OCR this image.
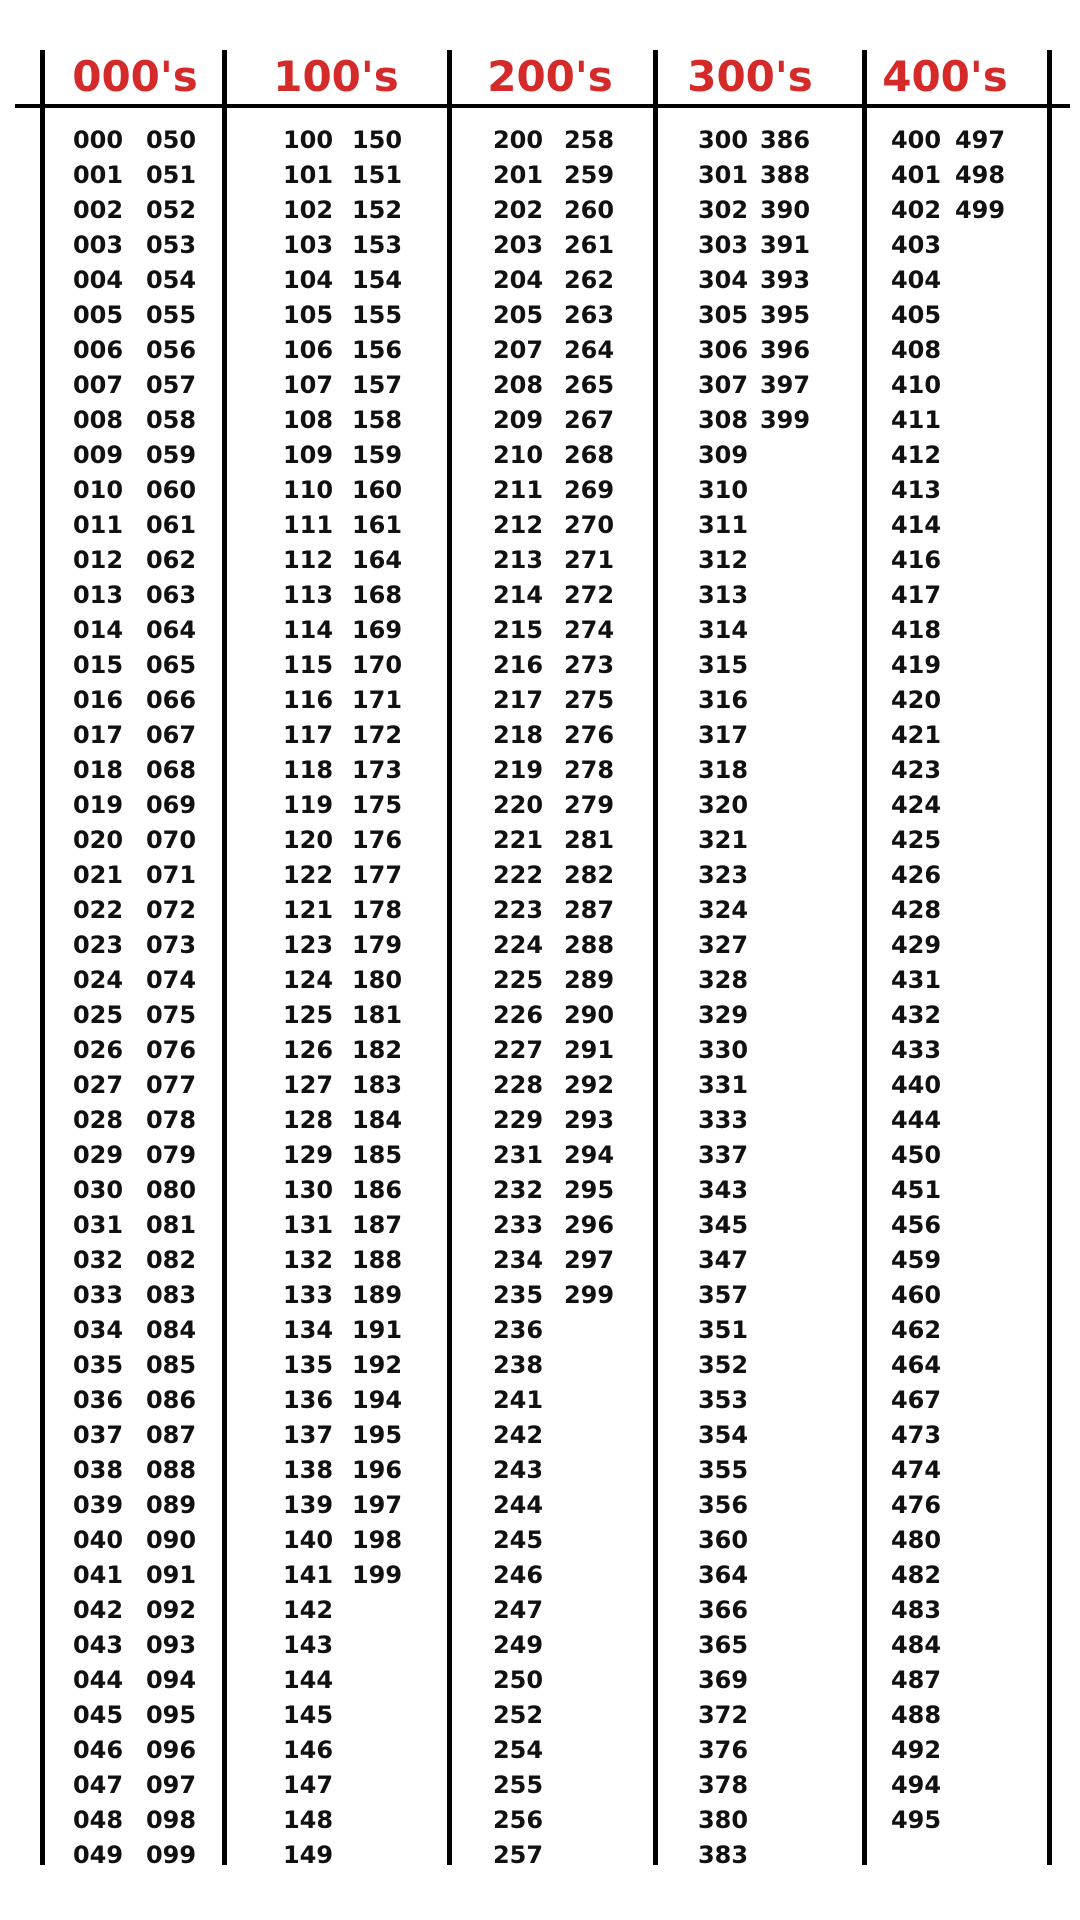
000's 100's 200's 300's 400's
000
001
002
003
004
005
006
007
008
009
010
011
012
013
014
015
016
017
018
019
020
021
022
023
024
025
026
027
028
029
030
031
032
033
034
035
036
037
038
039
040
041
042
043
044
045
046
047
048
049
050
051
052
053
054
055
056
057
058
059
060
061
062
063
064
065
066
067
068
069
070
071
072
073
074
075
076
077
078
079
080
081
082
083
084
085
086
087
088
089
090
091
092
093
094
095
096
097
098
099
100
101
102
103
104
105
106
107
108
109
110
111
112
113
114
115
116
117
118
119
120
122
121
123
124
125
126
127
128
129
130
131
132
133
134
135
136
137
138
139
140
141
142
143
144
145
146
147
148
149
150
151
152
153
154
155
156
157
158
159
160
161
164
168
169
170
171
172
173
175
176
177
178
179
180
181
182
183
184
185
186
187
188
189
191
192
194
195
196
197
198
199
200
201
202
203
204
205
207
208
209
210
211
212
213
214
215
216
217
218
219
220
221
222
223
224
225
226
227
228
229
231
232
233
234
235
236
238
241
242
243
244
245
246
247
249
250
252
254
255
256
257
258
259
260
261
262
263
264
265
267
268
269
270
271
272
274
273
275
276
278
279
281
282
287
288
289
290
291
292
293
294
295
296
297
299
300
301
302
303
304
305
306
307
308
309
310
311
312
313
314
315
316
317
318
320
321
323
324
327
328
329
330
331
333
337
343
345
347
357
351
352
353
354
355
356
360
364
366
365
369
372
376
378
380
383
386
388
390
391
393
395
396
397
399
400
401
402
403
404
405
408
410
411
412
413
414
416
417
418
419
420
421
423
424
425
426
428
429
431
432
433
440
444
450
451
456
459
460
462
464
467
473
474
476
480
482
483
484
487
488
492
494
495
497
498
499
